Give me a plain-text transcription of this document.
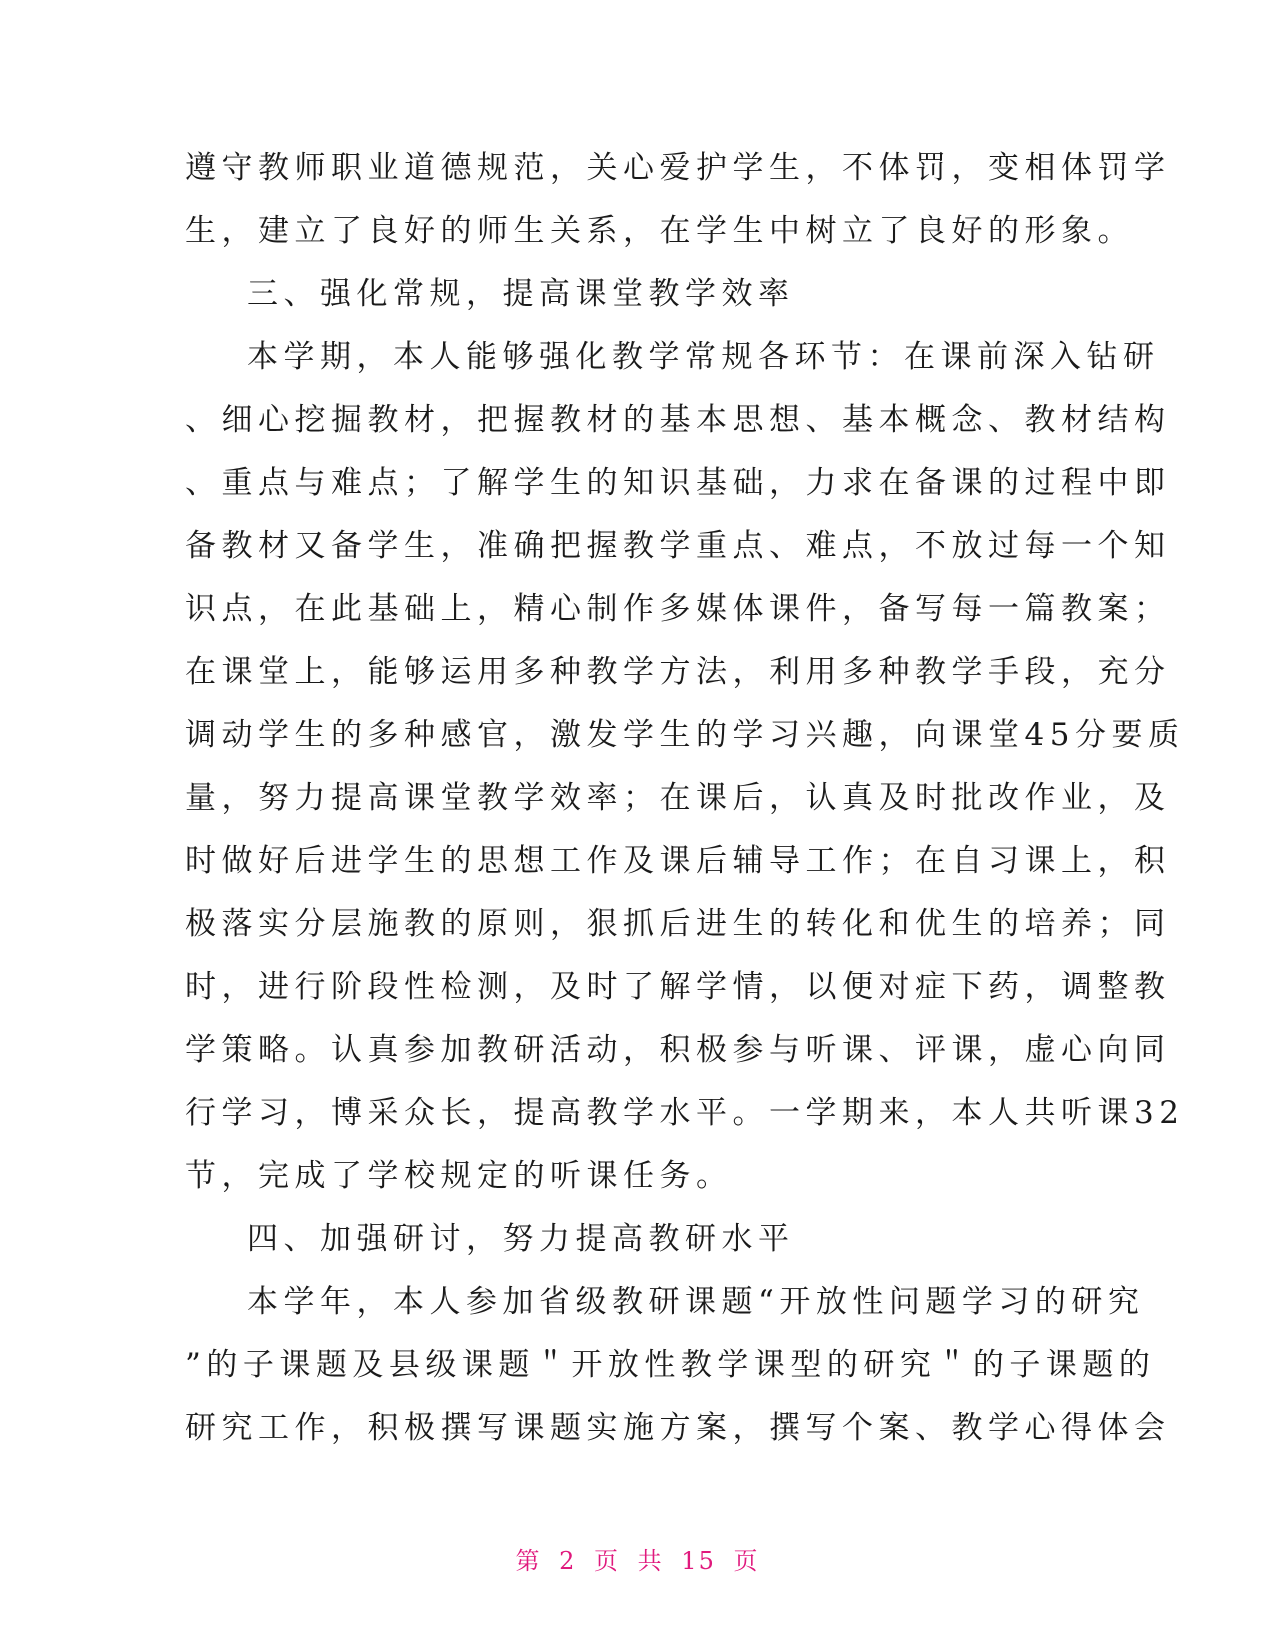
遵守教师职业道德规范，关心爱护学生，不体罚，变相体罚学
生，建立了良好的师生关系，在学生中树立了良好的形象。
三、强化常规，提高课堂教学效率
本学期，本人能够强化教学常规各环节：在课前深入钻研
、细心挖掘教材，把握教材的基本思想、基本概念、教材结构
、重点与难点；了解学生的知识基础，力求在备课的过程中即
备教材又备学生，准确把握教学重点、难点，不放过每一个知
识点，在此基础上，精心制作多媒体课件，备写每一篇教案；
在课堂上，能够运用多种教学方法，利用多种教学手段，充分
调动学生的多种感官，激发学生的学习兴趣，向课堂45分要质
量，努力提高课堂教学效率；在课后，认真及时批改作业，及
时做好后进学生的思想工作及课后辅导工作；在自习课上，积
极落实分层施教的原则，狠抓后进生的转化和优生的培养；同
时，进行阶段性检测，及时了解学情，以便对症下药，调整教
学策略。认真参加教研活动，积极参与听课、评课，虚心向同
行学习，博采众长，提高教学水平。一学期来，本人共听课32
节，完成了学校规定的听课任务。
四、加强研讨，努力提高教研水平
本学年，本人参加省级教研课题“开放性问题学习的研究
”的子课题及县级课题＂开放性教学课型的研究＂的子课题的
研究工作，积极撰写课题实施方案，撰写个案、教学心得体会
第 2 页 共 15 页
